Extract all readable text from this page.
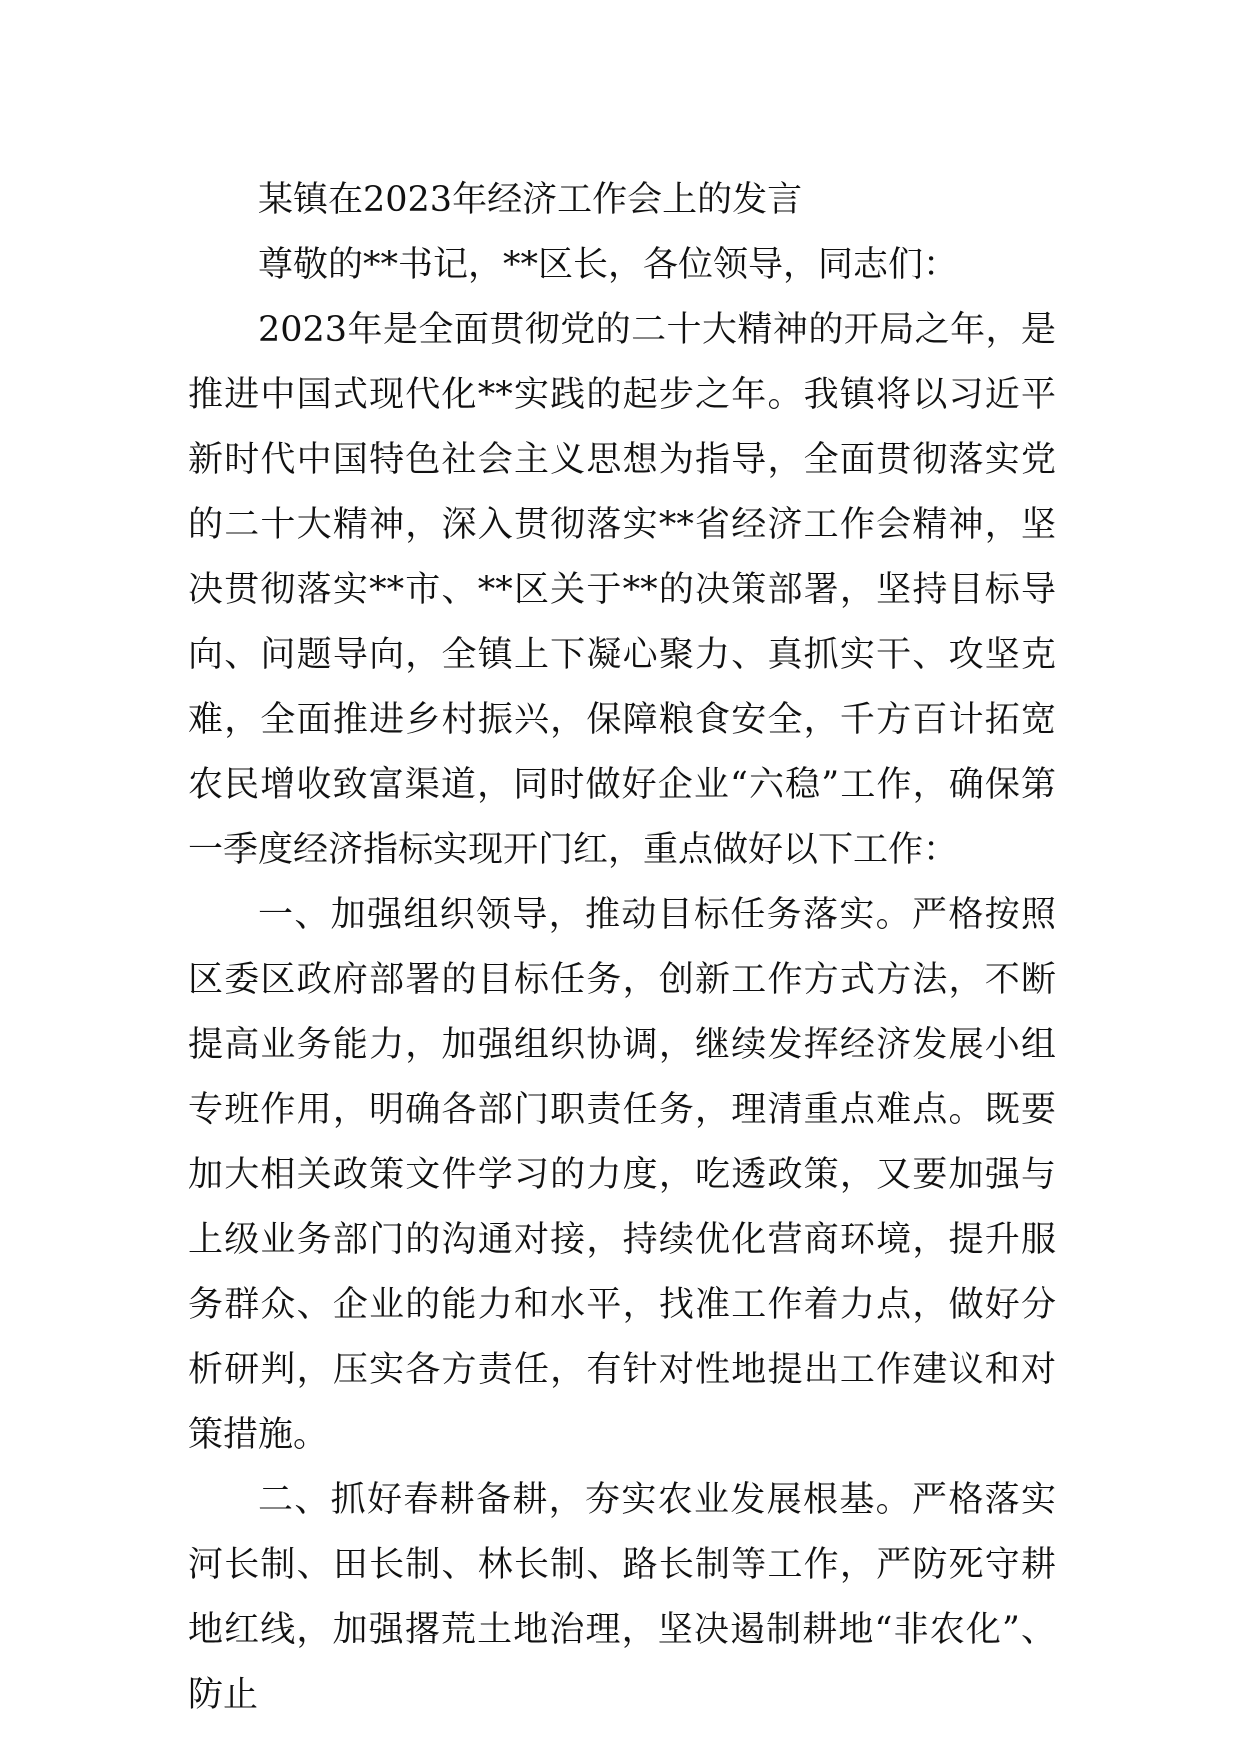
某镇在2023年经济工作会上的发言

尊敬的**书记，**区长，各位领导，同志们：

2023年是全面贯彻党的二十大精神的开局之年，是推进中国式现代化**实践的起步之年。我镇将以习近平新时代中国特色社会主义思想为指导，全面贯彻落实党的二十大精神，深入贯彻落实**省经济工作会精神，坚决贯彻落实**市、**区关于**的决策部署，坚持目标导向、问题导向，全镇上下凝心聚力、真抓实干、攻坚克难，全面推进乡村振兴，保障粮食安全，千方百计拓宽农民增收致富渠道，同时做好企业“六稳”工作，确保第一季度经济指标实现开门红，重点做好以下工作：

一、加强组织领导，推动目标任务落实。严格按照区委区政府部署的目标任务，创新工作方式方法，不断提高业务能力，加强组织协调，继续发挥经济发展小组专班作用，明确各部门职责任务，理清重点难点。既要加大相关政策文件学习的力度，吃透政策，又要加强与上级业务部门的沟通对接，持续优化营商环境，提升服务群众、企业的能力和水平，找准工作着力点，做好分析研判，压实各方责任，有针对性地提出工作建议和对策措施。

二、抓好春耕备耕，夯实农业发展根基。严格落实河长制、田长制、林长制、路长制等工作，严防死守耕地红线，加强撂荒土地治理，坚决遏制耕地“非农化”、防止
